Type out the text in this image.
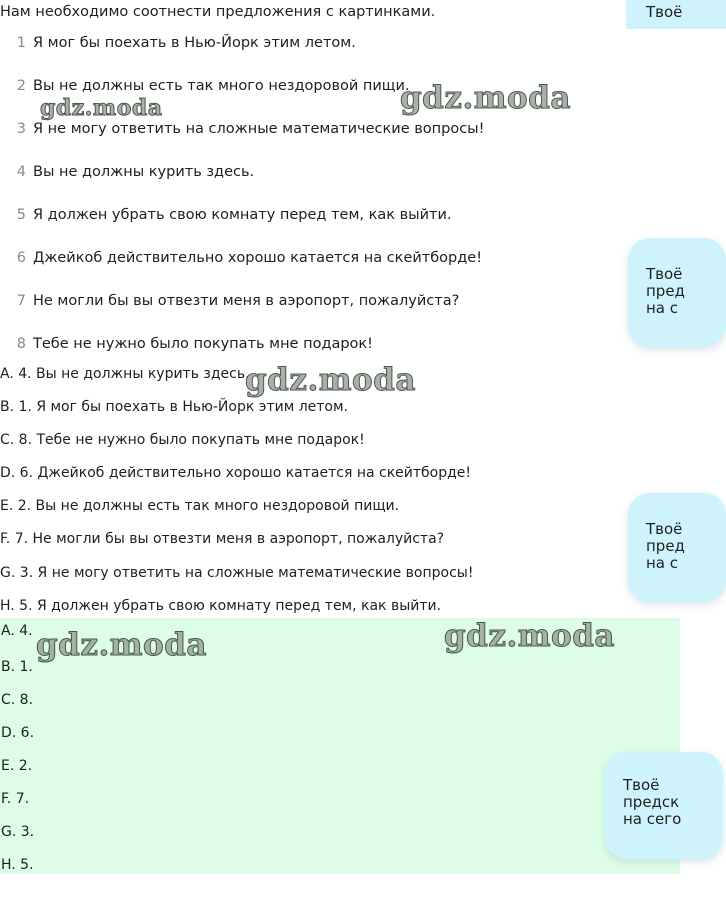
Нам необходимо соотнести предложения с картинками.
1 Я мог бы поехать в Нью-Йорк этим летом.
2 Вы не должны есть так много нездоровой пищи.
3 Я не могу ответить на сложные математические вопросы!
4 Вы не должны курить здесь.
5 Я должен убрать свою комнату перед тем, как выйти.
6 Джейкоб действительно хорошо катается на скейтборде!
7 Не могли бы вы отвезти меня в аэропорт, пожалуйста?
8 Тебе не нужно было покупать мне подарок!
A. 4. Вы не должны курить здесь.
B. 1. Я мог бы поехать в Нью-Йорк этим летом.
C. 8. Тебе не нужно было покупать мне подарок!
D. 6. Джейкоб действительно хорошо катается на скейтборде!
E. 2. Вы не должны есть так много нездоровой пищи.
F. 7. Не могли бы вы отвезти меня в аэропорт, пожалуйста?
G. 3. Я не могу ответить на сложные математические вопросы!
H. 5. Я должен убрать свою комнату перед тем, как выйти.
A. 4.
B. 1.
C. 8.
D. 6.
E. 2.
F. 7.
G. 3.
H. 5.
gdz.moda	gdz.moda
gdz.moda
gdz.moda	gdz.moda
Твоё
Твоё
пред
на с
Твоё
пред
на с
Твоё
предск
на сего
